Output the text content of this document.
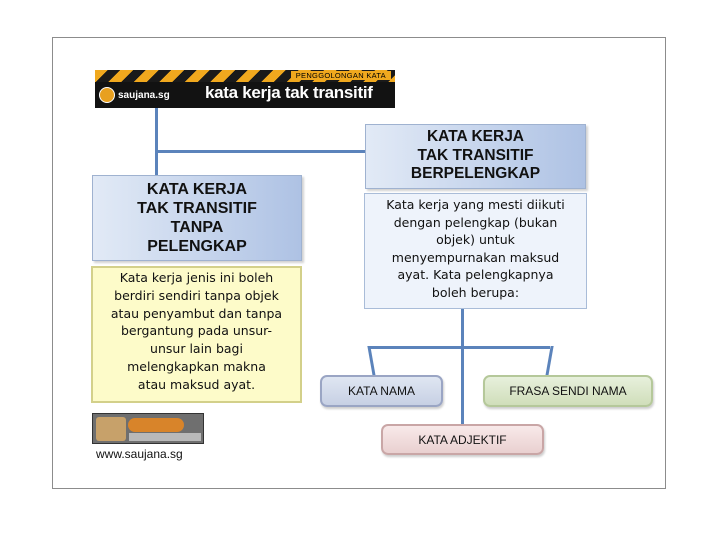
PENGGOLONGAN KATA
saujana.sg kata kerja tak transitif
KATA KERJA
TAK TRANSITIF
TANPA
PELENGKAP
Kata kerja jenis ini boleh
berdiri sendiri tanpa objek
atau penyambut dan tanpa
bergantung pada unsur-
unsur lain bagi
melengkapkan makna
atau maksud ayat.
KATA KERJA
TAK TRANSITIF
BERPELENGKAP
Kata kerja yang mesti diikuti
dengan pelengkap (bukan
objek) untuk
menyempurnakan maksud
ayat. Kata pelengkapnya
boleh berupa:
KATA NAMA	FRASA SENDI NAMA
KATA ADJEKTIF
www.saujana.sg
